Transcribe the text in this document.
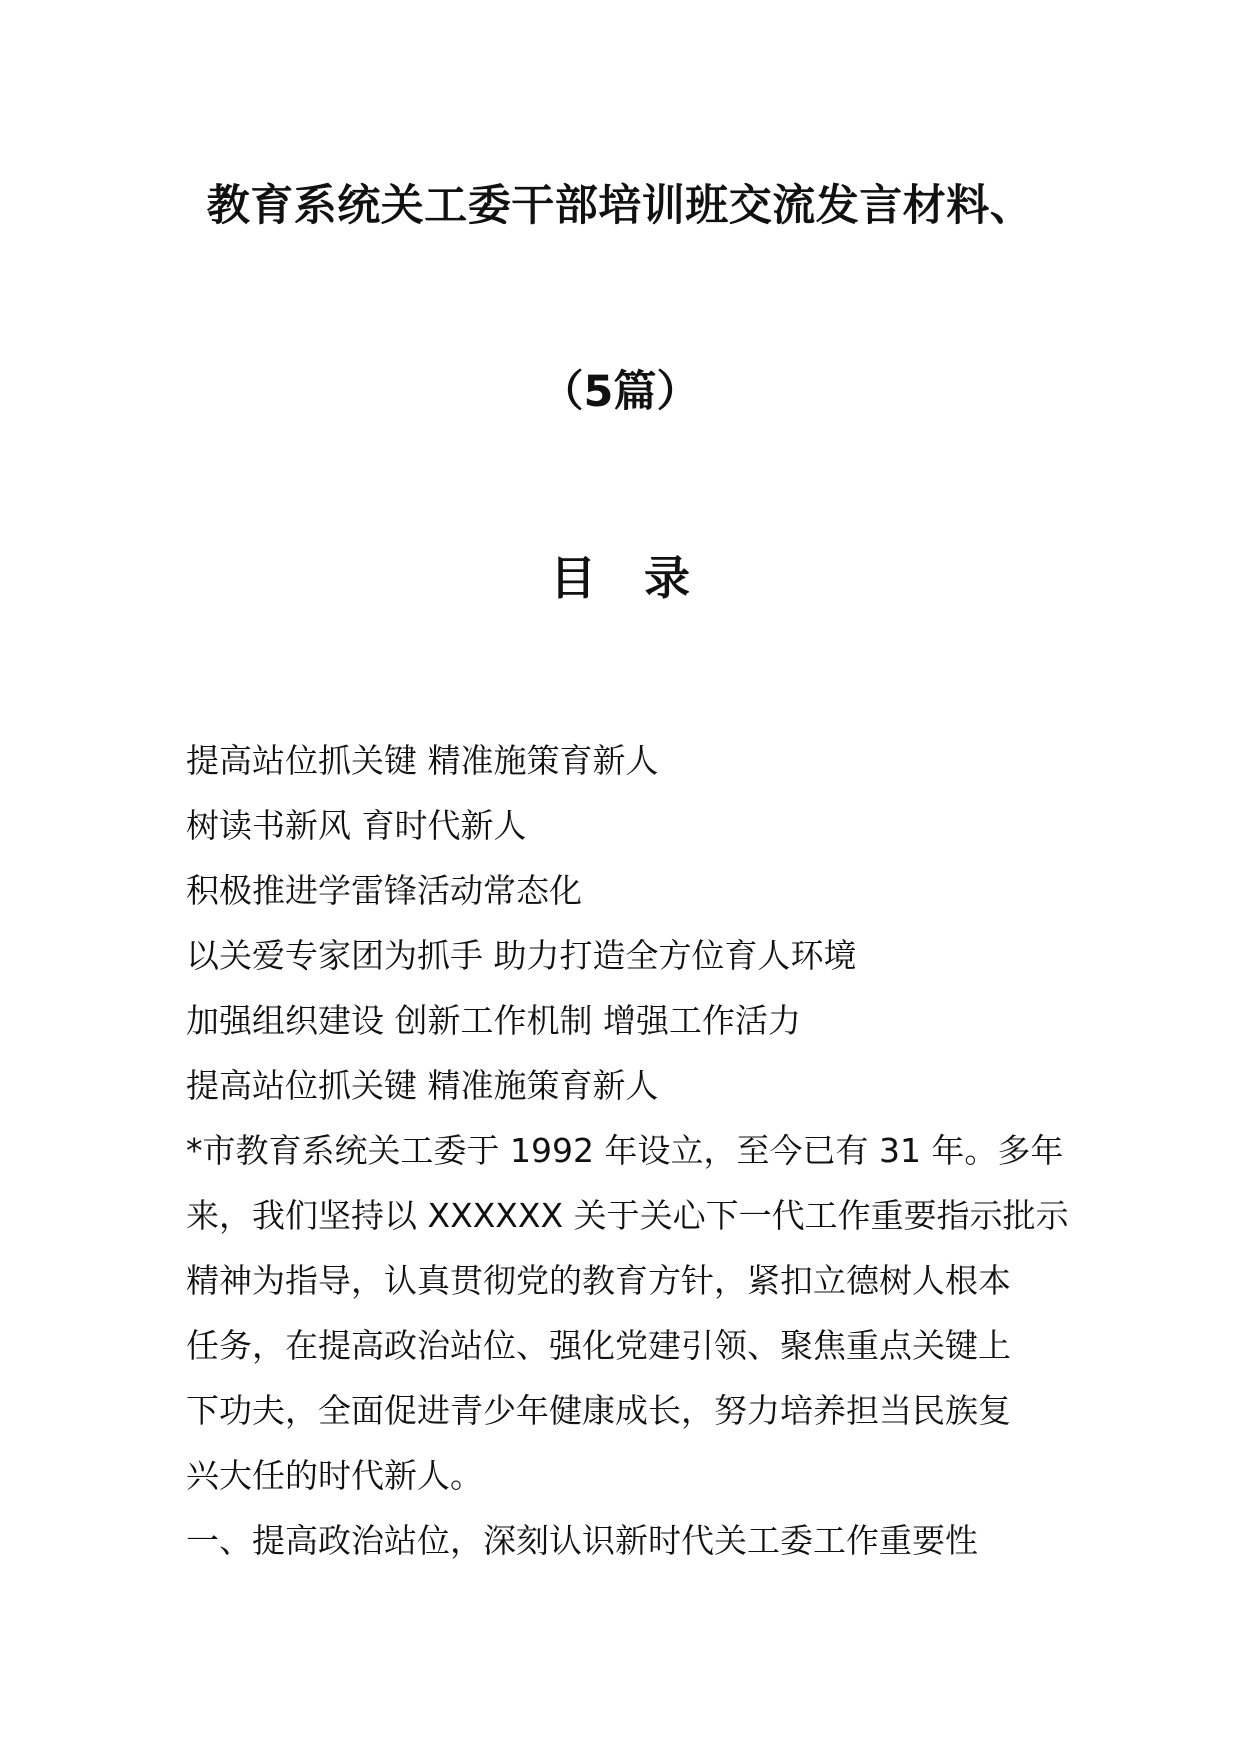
教育系统关工委干部培训班交流发言材料、
（5篇）
目 录
提高站位抓关键 精准施策育新人
树读书新风 育时代新人
积极推进学雷锋活动常态化
以关爱专家团为抓手 助力打造全方位育人环境
加强组织建设 创新工作机制 增强工作活力
提高站位抓关键 精准施策育新人
*市教育系统关工委于 1992 年设立，至今已有 31 年。多年
来，我们坚持以 XXXXXX 关于关心下一代工作重要指示批示
精神为指导，认真贯彻党的教育方针，紧扣立德树人根本
任务，在提高政治站位、强化党建引领、聚焦重点关键上
下功夫，全面促进青少年健康成长，努力培养担当民族复
兴大任的时代新人。
一、提高政治站位，深刻认识新时代关工委工作重要性
